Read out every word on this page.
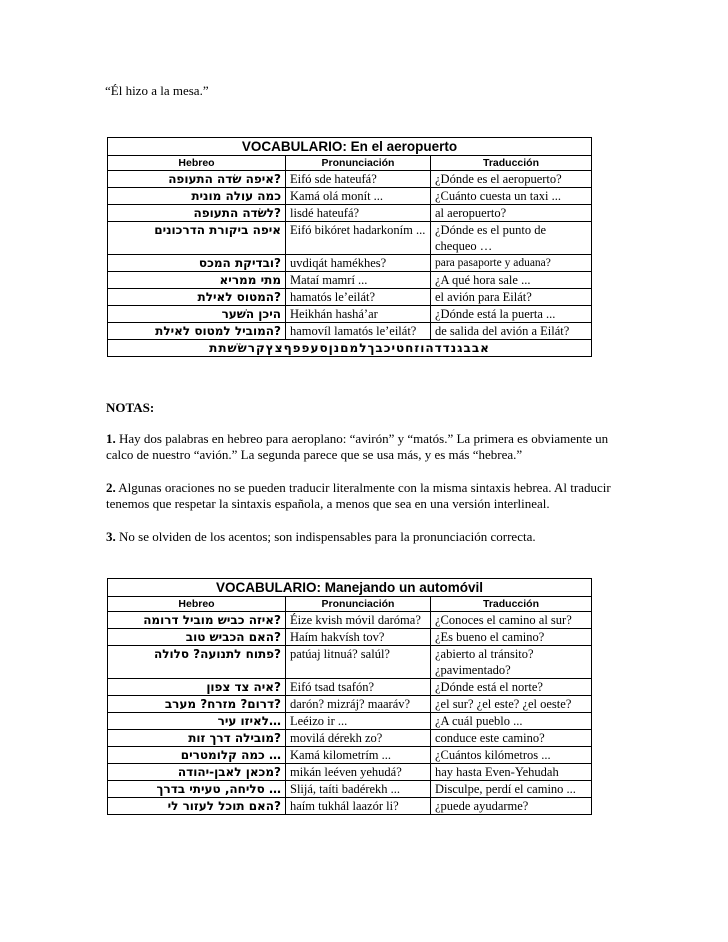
“Él hizo a la mesa.”
VOCABULARIO: En el aeropuerto		
Hebreo	Pronunciación	Traducción
?איפה שׂדה התעופה	Eifó sde hateufá?	¿Dónde es el aeropuerto?
כמה עולה מונית	Kamá olá monít ...	¿Cuánto cuesta un taxi ...
?לשׂדה התעופה	lisdé hateufá?	al aeropuerto?
איפה ביקורת הדרכונים	Eifó bikóret hadarkoním ...	¿Dónde es el punto de chequeo …
?ובדיקת המכס	uvdiqát hamékhes?	para pasaporte y aduana?
מתי ממריא	Mataí mamrí ...	¿A qué hora sale ...
?המטוס לאילת	hamatós le’eilát?	el avión para Eilát?
היכן השׁער	Heikhán hashá’ar	¿Dónde está la puerta ...
?המוביל למטוס לאילת	hamovíl lamatós le’eilát?	de salida del avión a Eilát?
אבבגנדדהוזחטיכבךלמםנןסעפפףצץקרשׂשׁתת		
NOTAS:
1. Hay dos palabras en hebreo para aeroplano: “avirón” y “matós.” La primera es obviamente un calco de nuestro “avión.” La segunda parece que se usa más, y es más “hebrea.”
2. Algunas oraciones no se pueden traducir literalmente con la misma sintaxis hebrea. Al traducir tenemos que respetar la sintaxis española, a menos que sea en una versión interlineal.
3. No se olviden de los acentos; son indispensables para la pronunciación correcta.
VOCABULARIO: Manejando un automóvil		
Hebreo	Pronunciación	Traducción
?איזה כביש מוביל דרומה	Éize kvish móvil daróma?	¿Conoces el camino al sur?
?האם הכביש טוב	Haím hakvísh tov?	¿Es bueno el camino?
?פתוח לתנועה? סלולה	patúaj litnuá? salúl?	¿abierto al tránsito? ¿pavimentado?
?איה צד צפון	Eifó tsad tsafón?	¿Dónde está el norte?
?דרום? מזרח? מערב	darón? mizráj? maaráv?	¿el sur? ¿el este? ¿el oeste?
…לאיזו עיר	Leéizo ir ...	¿A cuál pueblo ...
?מובילה דרך זות	movilá dérekh zo?	conduce este camino?
… כמה קלומטרים	Kamá kilometrím ...	¿Cuántos kilómetros ...
?מכאן לאבן-יהודה	mikán leéven yehudá?	hay hasta Even-Yehudah
… סליחה, טעיתי בדרך	Slijá, taíti badérekh ...	Disculpe, perdí el camino ...
?האם תוכל לעזור לי	haím tukhál laazór li?	¿puede ayudarme?
